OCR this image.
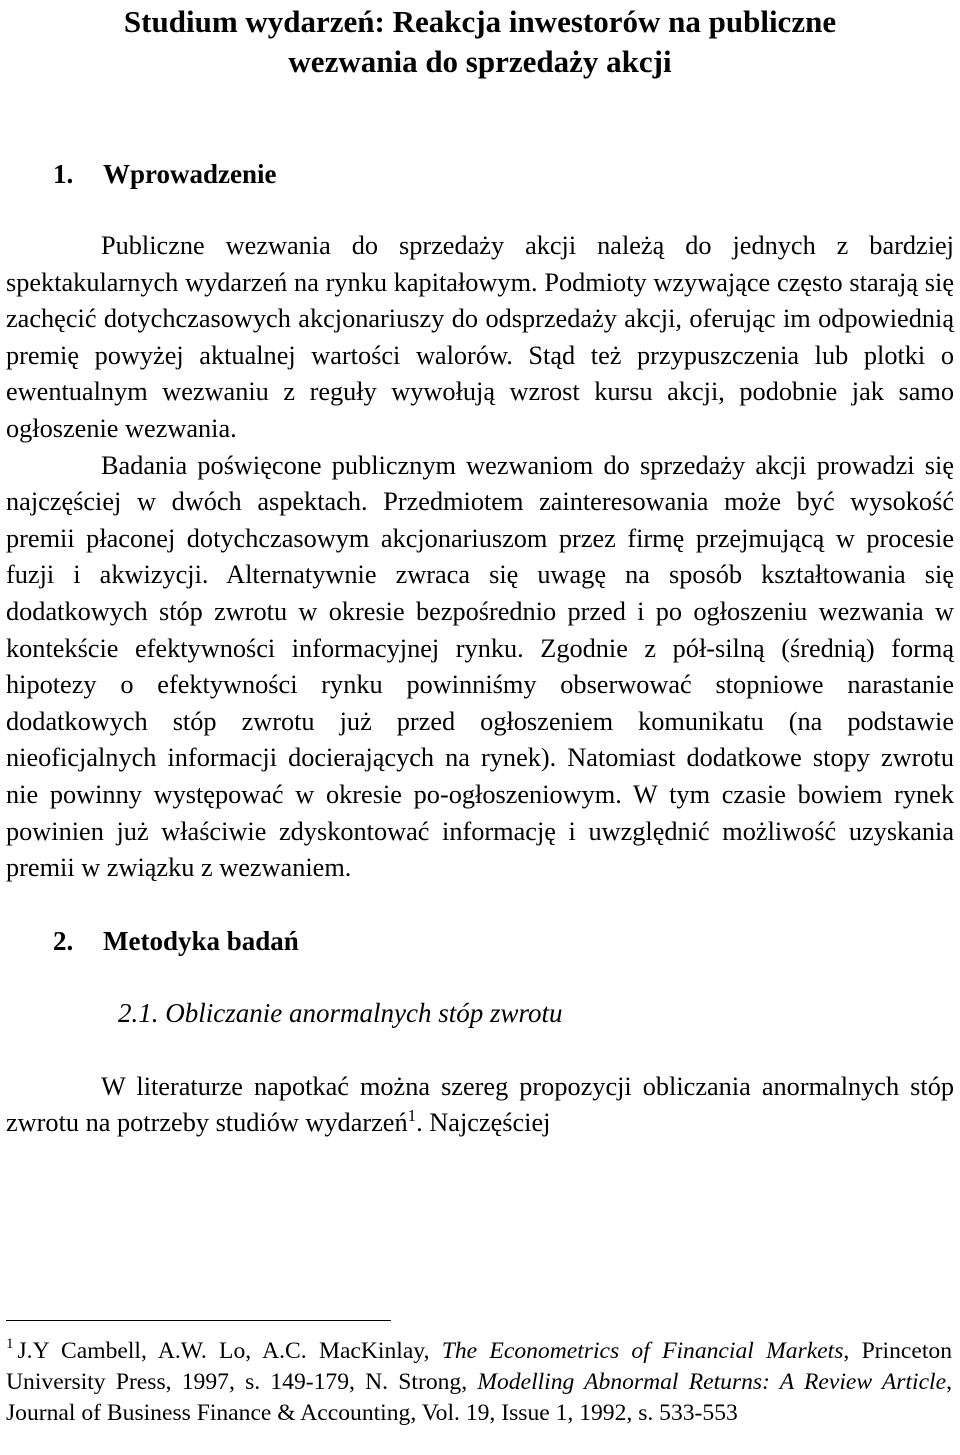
Studium wydarzeń: Reakcja inwestorów na publiczne
wezwania do sprzedaży akcji
1. Wprowadzenie

Publiczne wezwania do sprzedaży akcji należą do jednych z bardziej spektakularnych wydarzeń na rynku kapitałowym. Podmioty wzywające często starają się zachęcić dotychczasowych akcjonariuszy do odsprzedaży akcji, oferując im odpowiednią premię powyżej aktualnej wartości walorów. Stąd też przypuszczenia lub plotki o ewentualnym wezwaniu z reguły wywołują wzrost kursu akcji, podobnie jak samo ogłoszenie wezwania.

Badania poświęcone publicznym wezwaniom do sprzedaży akcji prowadzi się najczęściej w dwóch aspektach. Przedmiotem zainteresowania może być wysokość premii płaconej dotychczasowym akcjonariuszom przez firmę przejmującą w procesie fuzji i akwizycji. Alternatywnie zwraca się uwagę na sposób kształtowania się dodatkowych stóp zwrotu w okresie bezpośrednio przed i po ogłoszeniu wezwania w kontekście efektywności informacyjnej rynku. Zgodnie z pół-silną (średnią) formą hipotezy o efektywności rynku powinniśmy obserwować stopniowe narastanie dodatkowych stóp zwrotu już przed ogłoszeniem komunikatu (na podstawie nieoficjalnych informacji docierających na rynek). Natomiast dodatkowe stopy zwrotu nie powinny występować w okresie po-ogłoszeniowym. W tym czasie bowiem rynek powinien już właściwie zdyskontować informację i uwzględnić możliwość uzyskania premii w związku z wezwaniem.

2. Metodyka badań
2.1. Obliczanie anormalnych stóp zwrotu

W literaturze napotkać można szereg propozycji obliczania anormalnych stóp zwrotu na potrzeby studiów wydarzeń$^1$. Najczęściej

$^1$ J.Y Cambell, A.W. Lo, A.C. MacKinlay, The Econometrics of Financial Markets, Princeton University Press, 1997, s. 149-179, N. Strong, Modelling Abnormal Returns: A Review Article, Journal of Business Finance & Accounting, Vol. 19, Issue 1, 1992, s. 533-553
